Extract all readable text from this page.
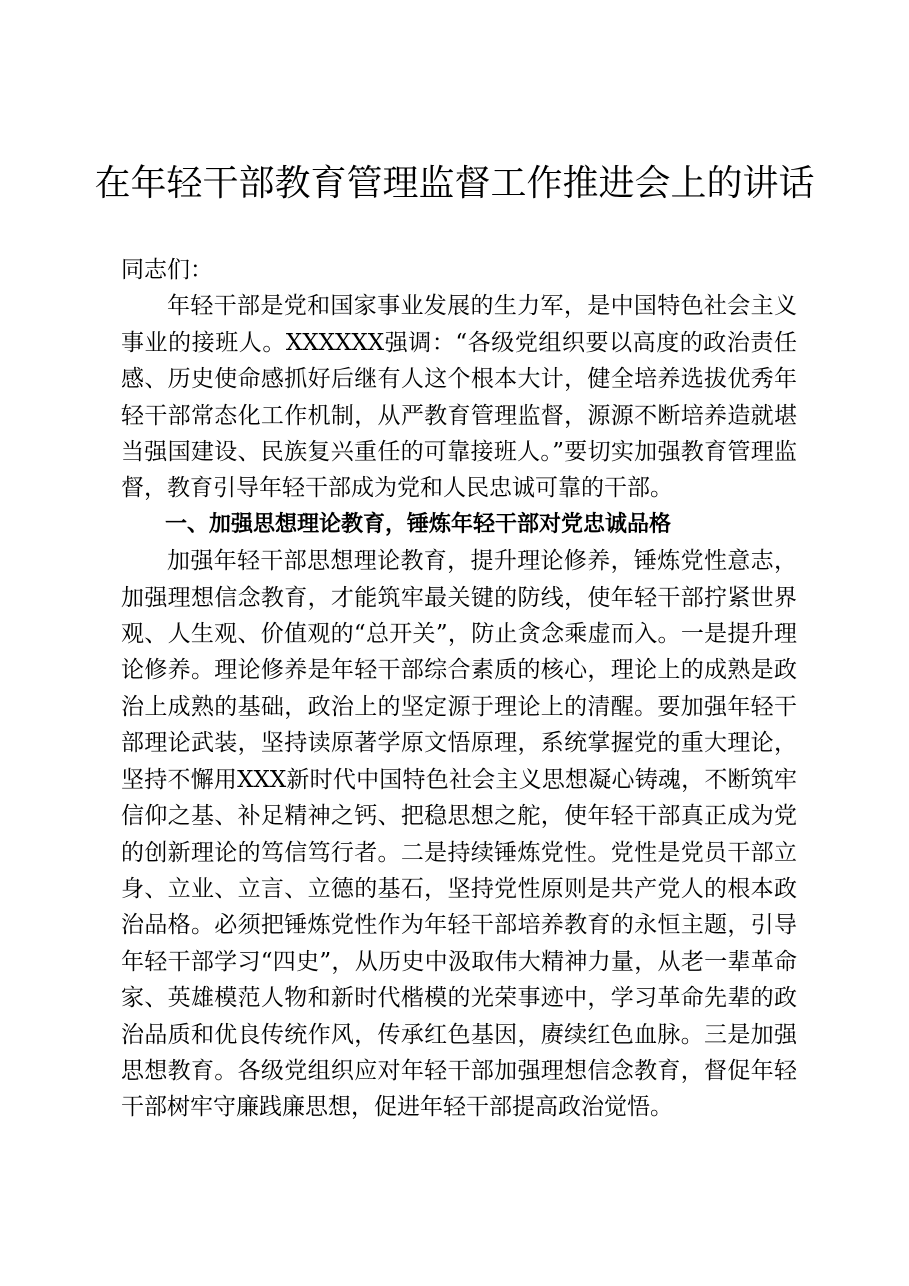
在年轻干部教育管理监督工作推进会上的讲话

同志们：

年轻干部是党和国家事业发展的生力军，是中国特色社会主义事业的接班人。XXXXXX强调：“各级党组织要以高度的政治责任感、历史使命感抓好后继有人这个根本大计，健全培养选拔优秀年轻干部常态化工作机制，从严教育管理监督，源源不断培养造就堪当强国建设、民族复兴重任的可靠接班人。”要切实加强教育管理监督，教育引导年轻干部成为党和人民忠诚可靠的干部。

一、加强思想理论教育，锤炼年轻干部对党忠诚品格

加强年轻干部思想理论教育，提升理论修养，锤炼党性意志，加强理想信念教育，才能筑牢最关键的防线，使年轻干部拧紧世界观、人生观、价值观的“总开关”，防止贪念乘虚而入。一是提升理论修养。理论修养是年轻干部综合素质的核心，理论上的成熟是政治上成熟的基础，政治上的坚定源于理论上的清醒。要加强年轻干部理论武装，坚持读原著学原文悟原理，系统掌握党的重大理论，坚持不懈用XXX新时代中国特色社会主义思想凝心铸魂，不断筑牢信仰之基、补足精神之钙、把稳思想之舵，使年轻干部真正成为党的创新理论的笃信笃行者。二是持续锤炼党性。党性是党员干部立身、立业、立言、立德的基石，坚持党性原则是共产党人的根本政治品格。必须把锤炼党性作为年轻干部培养教育的永恒主题，引导年轻干部学习“四史”，从历史中汲取伟大精神力量，从老一辈革命家、英雄模范人物和新时代楷模的光荣事迹中，学习革命先辈的政治品质和优良传统作风，传承红色基因，赓续红色血脉。三是加强思想教育。各级党组织应对年轻干部加强理想信念教育，督促年轻干部树牢守廉践廉思想，促进年轻干部提高政治觉悟。
